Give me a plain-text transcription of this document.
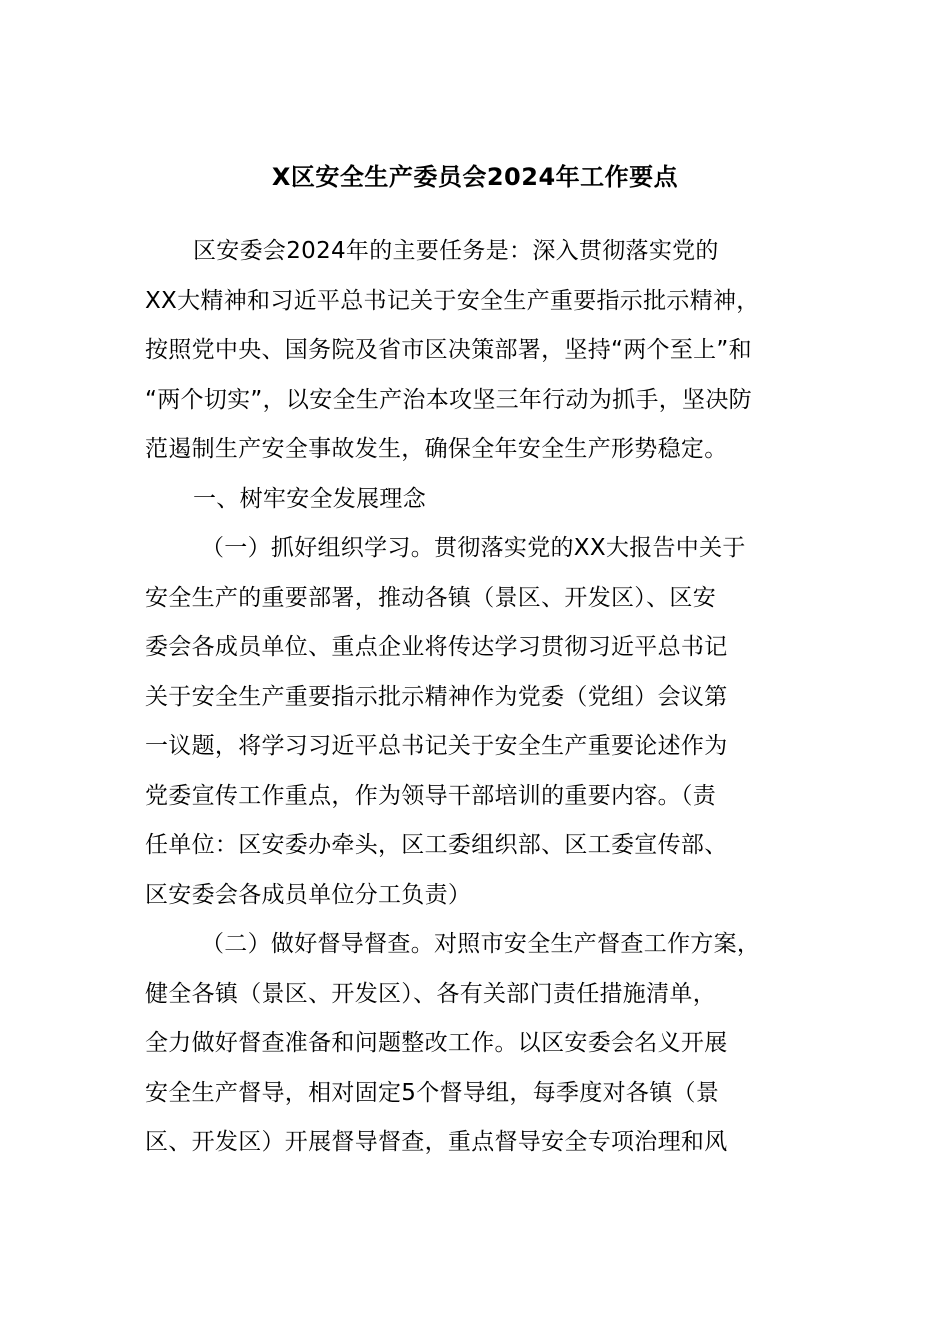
X区安全生产委员会2024年工作要点
区安委会2024年的主要任务是：深入贯彻落实党的
XX大精神和习近平总书记关于安全生产重要指示批示精神，
按照党中央、国务院及省市区决策部署，坚持“两个至上”和
“两个切实”，以安全生产治本攻坚三年行动为抓手，坚决防
范遏制生产安全事故发生，确保全年安全生产形势稳定。
一、树牢安全发展理念
（一）抓好组织学习。贯彻落实党的XX大报告中关于
安全生产的重要部署，推动各镇（景区、开发区）、区安
委会各成员单位、重点企业将传达学习贯彻习近平总书记
关于安全生产重要指示批示精神作为党委（党组）会议第
一议题，将学习习近平总书记关于安全生产重要论述作为
党委宣传工作重点，作为领导干部培训的重要内容。（责
任单位：区安委办牵头，区工委组织部、区工委宣传部、
区安委会各成员单位分工负责）
（二）做好督导督查。对照市安全生产督查工作方案，
健全各镇（景区、开发区）、各有关部门责任措施清单，
全力做好督查准备和问题整改工作。以区安委会名义开展
安全生产督导，相对固定5个督导组，每季度对各镇（景
区、开发区）开展督导督查，重点督导安全专项治理和风
